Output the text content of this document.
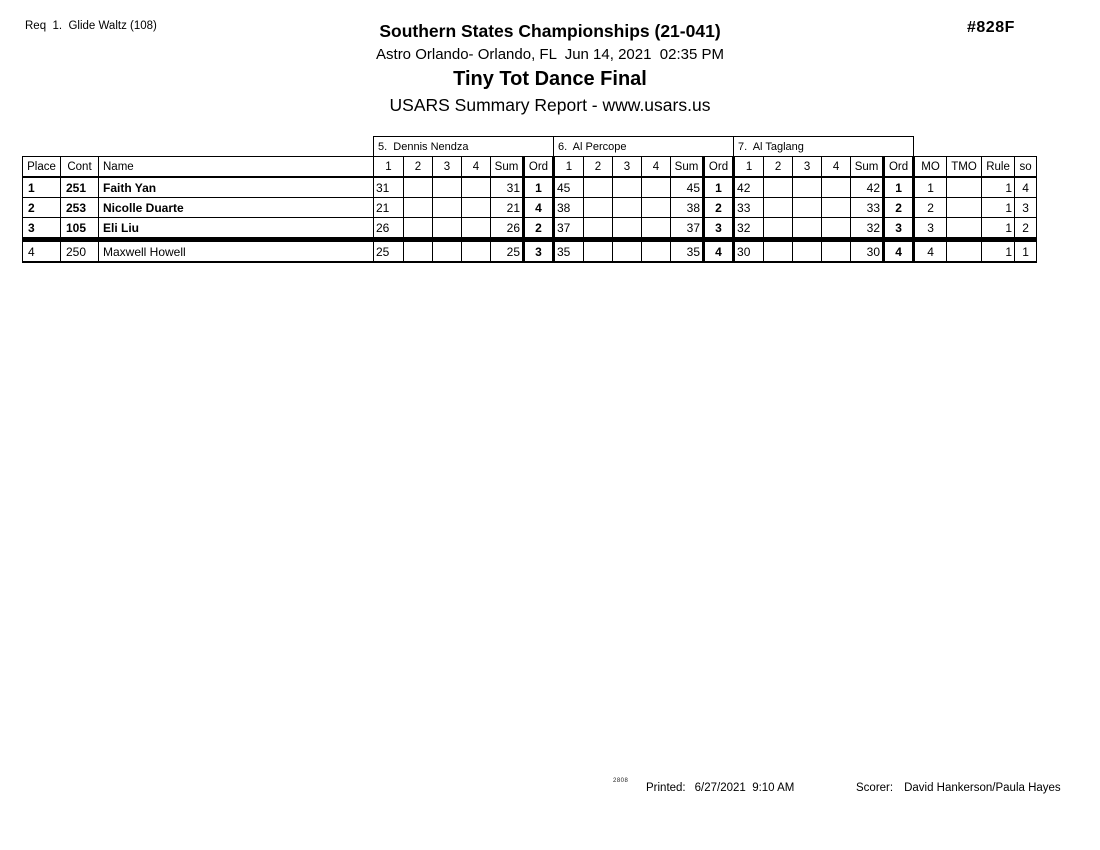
Req  1.  Glide Waltz (108)	Southern States Championships (21-041)
Astro Orlando- Orlando, FL  Jun 14, 2021  02:35 PM
Tiny Tot Dance Final
USARS Summary Report - www.usars.us
#828F
			5.  Dennis Nendza						6.  Al Percope						7.  Al Taglang									
Place	Cont	Name	1	2	3	4	Sum	Ord	1	2	3	4	Sum	Ord	1	2	3	4	Sum	Ord	MO	TMO	Rule	so
1	251	Faith Yan	31				31	1	45				45	1	42				42	1	1		1	4
2	253	Nicolle Duarte	21				21	4	38				38	2	33				33	2	2		1	3
3	105	Eli Liu	26				26	2	37				37	3	32				32	3	3		1	2
4	250	Maxwell Howell	25				25	3	35				35	4	30				30	4	4		1	1
2808
Printed: 6/27/2021  9:10 AM	Scorer: David Hankerson/Paula Hayes
